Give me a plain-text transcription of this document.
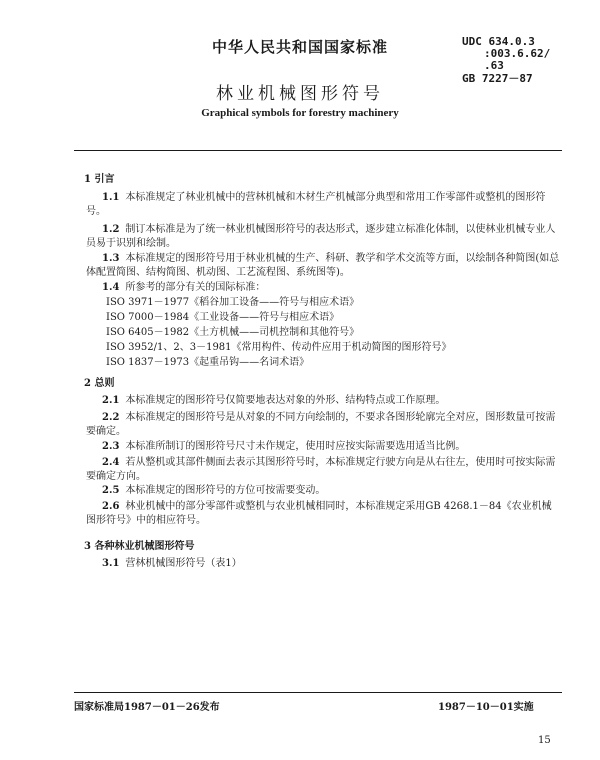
中华人民共和国国家标准	UDC 634.0.3
:003.6.62/
.63
GB 7227－87
林业机械图形符号
Graphical symbols for forestry machinery
1 引言
1.1 本标准规定了林业机械中的营林机械和木材生产机械部分典型和常用工作零部件或整机的图形符号。
1.2 制订本标准是为了统一林业机械图形符号的表达形式，逐步建立标准化体制，以使林业机械专业人员易于识别和绘制。
1.3 本标准规定的图形符号用于林业机械的生产、科研、教学和学术交流等方面，以绘制各种简图(如总体配置简图、结构简图、机动图、工艺流程图、系统图等)。
1.4 所参考的部分有关的国际标准：
ISO 3971－1977《稻谷加工设备——符号与相应术语》
ISO 7000－1984《工业设备——符号与相应术语》
ISO 6405－1982《土方机械——司机控制和其他符号》
ISO 3952/1、2、3－1981《常用构件、传动件应用于机动简图的图形符号》
ISO 1837－1973《起重吊钩——名词术语》
2 总则
2.1 本标准规定的图形符号仅简要地表达对象的外形、结构特点或工作原理。
2.2 本标准规定的图形符号是从对象的不同方向绘制的，不要求各图形轮廓完全对应，图形数量可按需要确定。
2.3 本标准所制订的图形符号尺寸未作规定，使用时应按实际需要选用适当比例。
2.4 若从整机或其部件侧面去表示其图形符号时，本标准规定行驶方向是从右往左，使用时可按实际需要确定方向。
2.5 本标准规定的图形符号的方位可按需要变动。
2.6 林业机械中的部分零部件或整机与农业机械相同时，本标准规定采用GB 4268.1－84《农业机械图形符号》中的相应符号。
3 各种林业机械图形符号
3.1 营林机械图形符号（表1）
国家标准局1987－01－26发布	1987－10－01实施
15
